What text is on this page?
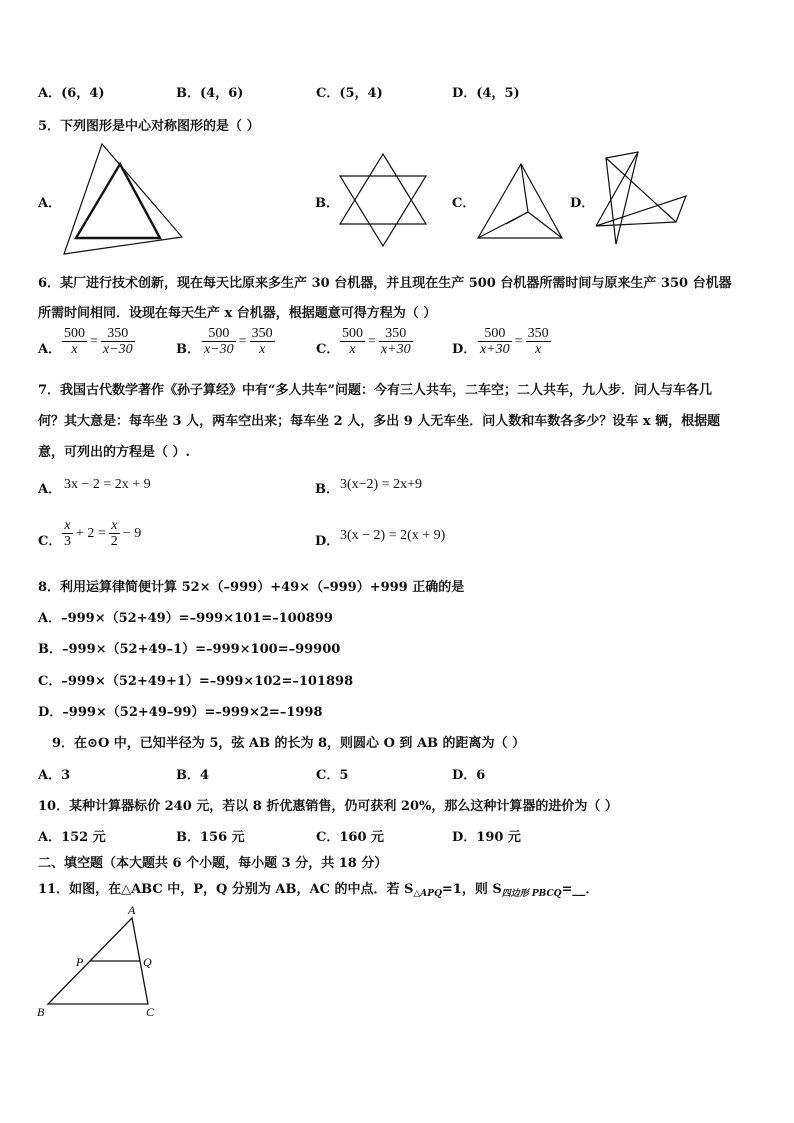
A．(6，4)	B．(4，6)	C．(5，4)	D．(4，5)
5．下列图形是中心对称图形的是（ ）
A．	B．	C．	D．
6．某厂进行技术创新，现在每天比原来多生产 30 台机器，并且现在生产 500 台机器所需时间与原来生产 350 台机器
所需时间相同．设现在每天生产 x 台机器，根据题意可得方程为（ ）
A． $\frac{500}{x} = \frac{350}{x-30}$	B． $\frac{500}{x-30} = \frac{350}{x}$	C． $\frac{500}{x} = \frac{350}{x+30}$	D． $\frac{500}{x+30} = \frac{350}{x}$
7．我国古代数学著作《孙子算经》中有“多人共车”问题：今有三人共车，二车空；二人共车，九人步．问人与车各几
何？其大意是：每车坐 3 人，两车空出来；每车坐 2 人，多出 9 人无车坐．问人数和车数各多少？设车 x 辆，根据题
意，可列出的方程是（ ）.
A． 3x − 2 = 2x + 9	B． 3(x−2) = 2x+9
C． $\frac{x}{3} + 2 = \frac{x}{2} - 9$
D． 3(x − 2) = 2(x + 9)
8．利用运算律简便计算 52×（–999）+49×（–999）+999 正确的是
A．–999×（52+49）=–999×101=–100899
B．–999×（52+49–1）=–999×100=–99900
C．–999×（52+49+1）=–999×102=–101898
D．–999×（52+49–99）=–999×2=–1998
9．在⊙O 中，已知半径为 5，弦 AB 的长为 8，则圆心 O 到 AB 的距离为（ ）
A．3	B．4	C．5	D．6
10．某种计算器标价 240 元，若以 8 折优惠销售，仍可获利 20%，那么这种计算器的进价为（ ）
A．152 元	B．156 元	C．160 元	D．190 元
二、填空题（本大题共 6 个小题，每小题 3 分，共 18 分）
11．如图，在△ABC 中，P，Q 分别为 AB，AC 的中点．若 $S_{\triangle APQ}=1$，则 $S_{四边形 PBCQ}=\_\_$．
A
P	Q
B	C
